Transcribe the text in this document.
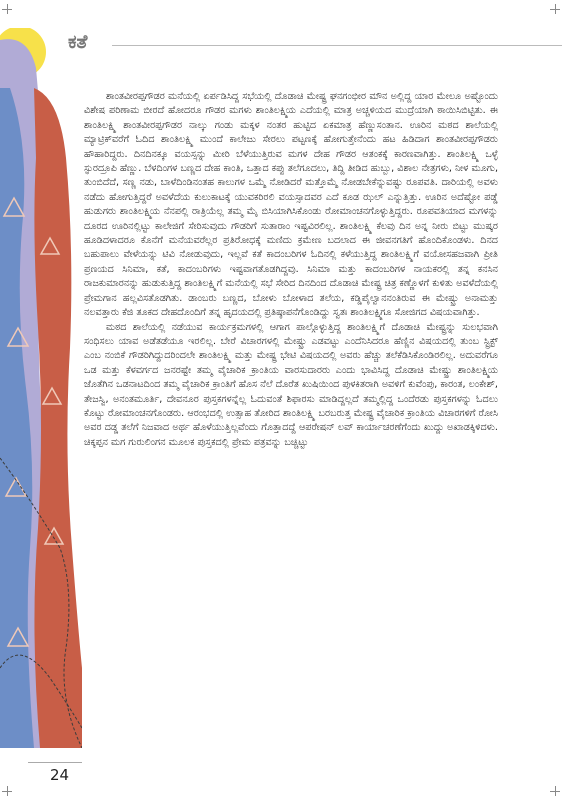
ಕತೆ

ಶಾಂತವೀರಪ್ಪಗೌಡರ ಮನೆಯಲ್ಲಿ ಏರ್ಪಡಿಸಿದ್ದ ಸಭೆಯಲ್ಲಿ ದೊಡಾಚಿ ಮೇಷ್ಟ್ರ ಘನಗಂಭೀರ ಮೌನ ಅಲ್ಲಿದ್ದ ಯಾರ ಮೇಲೂ ಅಷ್ಟೊಂದು ವಿಶೇಷ ಪರಿಣಾಮ ಬೀರದೆ ಹೋದರೂ ಗೌಡರ ಮಗಳು ಶಾಂತಿಲಕ್ಷ್ಮಿಯ ಎದೆಯಲ್ಲಿ ಮಾತ್ರ ಅಚ್ಚಳಿಯದ ಮುದ್ರೆಯಾಗಿ ಠಾಯಿಸಿಬಿಟ್ಟಿತು. ಈ ಶಾಂತಿಲಕ್ಷ್ಮಿ ಶಾಂತವೀರಪ್ಪಗೌಡರ ನಾಲ್ಕು ಗಂಡು ಮಕ್ಕಳ ನಂತರ ಹುಟ್ಟಿದ ಏಕಮಾತ್ರ ಹೆಣ್ಣುಸಂತಾನ. ಊರಿನ ಮಠದ ಶಾಲೆಯಲ್ಲಿ ಮ್ಯಾಟ್ರಿಕ್‌ವರೆಗೆ ಓದಿದ ಶಾಂತಿಲಕ್ಷ್ಮಿ ಮುಂದೆ ಕಾಲೇಜು ಸೇರಲು ಪಟ್ಟಣಕ್ಕೆ ಹೋಗುತ್ತೇನೆಂದು ಹಟ ಹಿಡಿದಾಗ ಶಾಂತವೀರಪ್ಪಗೌಡರು ಹೌಹಾರಿದ್ದರು. ದಿನದಿನಕ್ಕೂ ವಯಸ್ಸನ್ನು ಮೀರಿ ಬೆಳೆಯುತ್ತಿರುವ ಮಗಳ ದೇಹ ಗೌಡರ ಆತಂಕಕ್ಕೆ ಕಾರಣವಾಗಿತ್ತು. ಶಾಂತಿಲಕ್ಷ್ಮಿ ಒಳ್ಳೆ ಸ್ಫುರದ್ರೂಪಿ ಹೆಣ್ಣು. ಬೆಳದಿಂಗಳ ಬಣ್ಣದ ದೇಹ ಕಾಂತಿ, ಒತ್ತಾದ ಕಪ್ಪು ತಲೆಗೂದಲು, ತಿದ್ದಿ ತೀಡಿದ ಹುಬ್ಬು, ವಿಶಾಲ ನೇತ್ರಗಳು, ನೀಳ ಮೂಗು, ತುಂಬಿದೆದೆ, ಸಣ್ಣ ನಡು, ಬಾಳೆದಿಂಡಿನಂತಹ ಕಾಲುಗಳ ಒಮ್ಮೆ ನೋಡಿದರೆ ಮತ್ತೊಮ್ಮೆ ನೋಡಬೇಕೆನ್ನುವಷ್ಟು ರೂಪವತಿ. ದಾರಿಯಲ್ಲಿ ಅವಳು ನಡೆದು ಹೋಗುತ್ತಿದ್ದರೆ ಅವಳೆದೆಯ ಕುಲುಕಾಟಕ್ಕೆ ಯುವಕರಿರಲಿ ವಯಸ್ಸಾದವರ ಎದೆ ಕೂಡ ಝಲ್ ಎನ್ನುತ್ತಿತ್ತು. ಊರಿನ ಅದೆಷ್ಟೋ ಪಡ್ಡೆ ಹುಡುಗರು ಶಾಂತಿಲಕ್ಷ್ಮಿಯ ನೆನಪಲ್ಲಿ ರಾತ್ರಿಯೆಲ್ಲ ತಮ್ಮ ಮೈ ಬಿಸಿಯಾಗಿಸಿಕೊಂಡು ರೋಮಾಂಚನಗೊಳ್ಳುತ್ತಿದ್ದರು. ರೂಪವತಿಯಾದ ಮಗಳನ್ನು ದೂರದ ಊರಿನಲ್ಲಿಟ್ಟು ಕಾಲೇಜಿಗೆ ಸೇರಿಸುವುದು ಗೌಡರಿಗೆ ಸುತಾರಾಂ ಇಷ್ಟವಿರಲಿಲ್ಲ. ಶಾಂತಿಲಕ್ಷ್ಮಿ ಕೆಲವು ದಿನ ಅನ್ನ ನೀರು ಬಿಟ್ಟು ಮುಷ್ಕರ ಹೂಡಿದಳಾದರೂ ಕೊನೆಗೆ ಮನೆಯವರೆಲ್ಲರ ಪ್ರತಿರೋಧಕ್ಕೆ ಮಣಿದು ಕ್ರಮೇಣ ಬದಲಾದ ಈ ಜೀವನಗತಿಗೆ ಹೊಂದಿಕೊಂಡಳು. ದಿನದ ಬಹುಪಾಲು ವೇಳೆಯನ್ನು ಟಿವಿ ನೋಡುವುದು, ಇಲ್ಲವೆ ಕತೆ ಕಾದಂಬರಿಗಳ ಓದಿನಲ್ಲಿ ಕಳೆಯುತ್ತಿದ್ದ ಶಾಂತಿಲಕ್ಷ್ಮಿಗೆ ವಯೋಸಹಜವಾಗಿ ಪ್ರೀತಿ ಪ್ರಣಯದ ಸಿನಿಮಾ, ಕತೆ, ಕಾದಂಬರಿಗಳು ಇಷ್ಟವಾಗತೊಡಗಿದ್ದವು. ಸಿನಿಮಾ ಮತ್ತು ಕಾದಂಬರಿಗಳ ನಾಯಕರಲ್ಲಿ ತನ್ನ ಕನಸಿನ ರಾಜಕುಮಾರನನ್ನು ಹುಡುಕುತ್ತಿದ್ದ ಶಾಂತಿಲಕ್ಷ್ಮಿಗೆ ಮನೆಯಲ್ಲಿ ಸಭೆ ಸೇರಿದ ದಿನದಿಂದ ದೊಡಾಚಿ ಮೇಷ್ಟ್ರ ಚಿತ್ರ ಕಣ್ಣೊಳಗೆ ಕುಳಿತು ಅವಳೆದೆಯಲ್ಲಿ ಪ್ರೇಮಗಾನ ಹಲ್ಲವಿಸತೊಡಗಿತು. ಡಾಂಬರು ಬಣ್ಣದ, ಬೋಳು ಬೋಳಾದ ತಲೆಯ, ಕಡ್ಡಿಪೈಲ್ವಾನನಂತಿರುವ ಈ ಮೇಷ್ಟ್ರು ಅನಾಮತ್ತು ನಲವತ್ತಾರು ಕೆಜಿ ತೂಕದ ದೇಹದೊಂದಿಗೆ ತನ್ನ ಹೃದಯದಲ್ಲಿ ಪ್ರತಿಷ್ಠಾಪನೆಗೊಂಡಿದ್ದು ಸ್ವತಃ ಶಾಂತಿಲಕ್ಷ್ಮಿಗೂ ಸೋಜಿಗದ ವಿಷಯವಾಗಿತ್ತು.

ಮಠದ ಶಾಲೆಯಲ್ಲಿ ನಡೆಯುವ ಕಾರ್ಯಕ್ರಮಗಳಲ್ಲಿ ಆಗಾಗ ಪಾಲ್ಗೊಳ್ಳುತ್ತಿದ್ದ ಶಾಂತಿಲಕ್ಷ್ಮಿಗೆ ದೊಡಾಚಿ ಮೇಷ್ಟ್ರನ್ನು ಸುಲಭವಾಗಿ ಸಂಧಿಸಲು ಯಾವ ಅಡೆತಡೆಯೂ ಇರಲಿಲ್ಲ. ಬೇರೆ ವಿಚಾರಗಳಲ್ಲಿ ಮೇಷ್ಟ್ರು ಎಡವಟ್ಟು ಎಂದೆನಿಸಿದರೂ ಹೆಣ್ಣಿನ ವಿಷಯದಲ್ಲಿ ತುಂಬ ಸ್ಟ್ರಿಕ್ಟ್ ಎಂಬ ನಂಬಿಕೆ ಗೌಡರಿಗಿದ್ದುದರಿಂದಲೇ ಶಾಂತಿಲಕ್ಷ್ಮಿ ಮತ್ತು ಮೇಷ್ಟ್ರ ಭೇಟಿ ವಿಷಯದಲ್ಲಿ ಅವರು ಹೆಚ್ಚು ತಲೆಕೆಡಿಸಿಕೊಂಡಿರಲಿಲ್ಲ. ಅದುವರೆಗೂ ಒಡ ಮತ್ತು ಕೆಳವರ್ಗದ ಜನರಷ್ಟೇ ತಮ್ಮ ವೈಚಾರಿಕ ಕ್ರಾಂತಿಯ ವಾರಸುದಾರರು ಎಂದು ಭಾವಿಸಿದ್ದ ದೊಡಾಚಿ ಮೇಷ್ಟ್ರು ಶಾಂತಿಲಕ್ಷ್ಮಿಯ ಜೊತೆಗಿನ ಒಡನಾಟದಿಂದ ತಮ್ಮ ವೈಚಾರಿಕ ಕ್ರಾಂತಿಗೆ ಹೊಸ ನೆಲೆ ದೊರೆತ ಖುಷಿಯಿಂದ ಪುಳಕಿತರಾಗಿ ಅವಳಿಗೆ ಕುವೆಂಪು, ಕಾರಂತ, ಲಂಕೇಶ್, ತೇಜಸ್ವಿ, ಅನಂತಮೂರ್ತಿ, ದೇವನೂರ ಪುಸ್ತಕಗಳನ್ನೆಲ್ಲ ಓದುವಂತೆ ಶಿಫಾರಸು ಮಾಡಿದ್ದಲ್ಲದೆ ತಮ್ಮಲ್ಲಿದ್ದ ಒಂದೆರಡು ಪುಸ್ತಕಗಳನ್ನು ಓದಲು ಕೊಟ್ಟು ರೋಮಾಂಚನಗೊಂಡರು. ಆರಂಭದಲ್ಲಿ ಉತ್ಸಾಹ ತೋರಿದ ಶಾಂತಿಲಕ್ಷ್ಮಿ ಬರಬರುತ್ತ ಮೇಷ್ಟ್ರ ವೈಚಾರಿಕ ಕ್ರಾಂತಿಯ ವಿಚಾರಗಳಿಗೆ ರೋಸಿ ಅವರ ದಡ್ಡ ತಲೆಗೆ ನಿಜವಾದ ಅರ್ಥ ಹೊಳೆಯುತ್ತಿಲ್ಲವೆಂದು ಗೊತ್ತಾದದ್ದೆ ಆಪರೇಷನ್ ಲವ್ ಕಾರ್ಯಾಚರಣೆಗೆಂದು ಖುದ್ದು ಅಖಾಡಕ್ಕಿಳಿದಳು. ಚಿಕ್ಕಪ್ಪನ ಮಗ ಗುರುಲಿಂಗನ ಮೂಲಕ ಪುಸ್ತಕದಲ್ಲಿ ಪ್ರೇಮ ಪತ್ರವನ್ನು ಬಚ್ಚಿಟ್ಟು

24
